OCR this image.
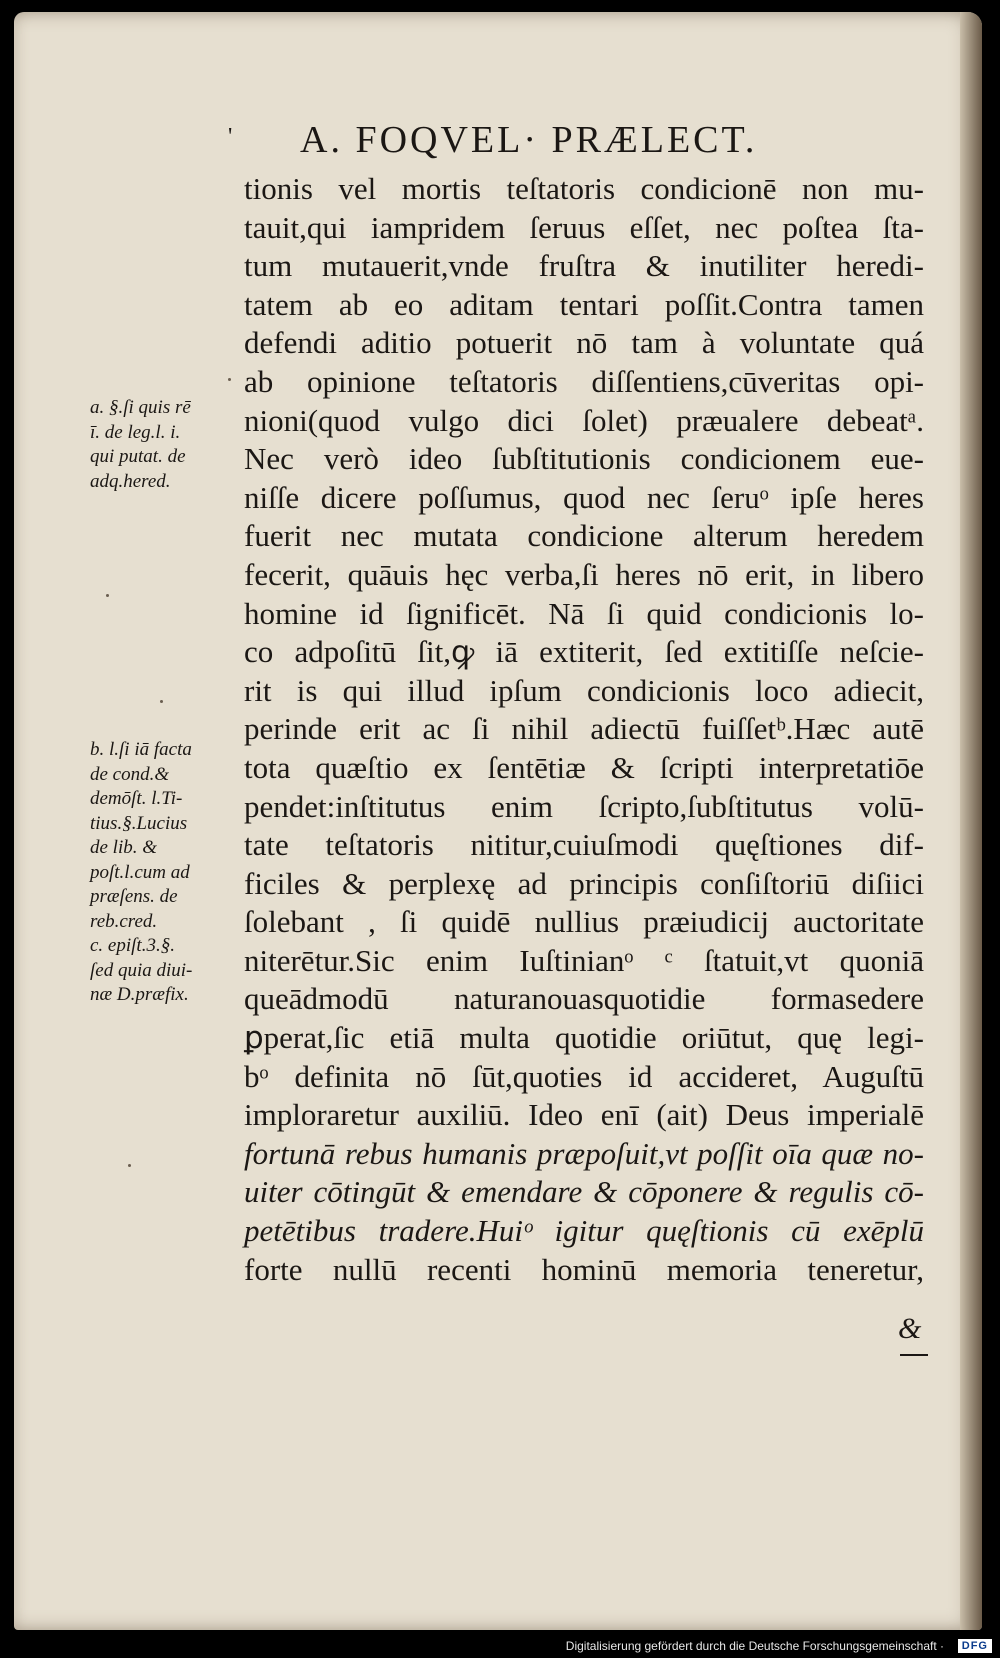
' A. FOQVEL· PRÆLECT.
tionis vel mortis teſtatoris condicionē non mu-
tauit,qui iampridem ſeruus eſſet, nec poſtea ſta-
tum mutauerit,vnde fruſtra & inutiliter heredi-
tatem ab eo aditam tentari poſſit.Contra tamen
defendi aditio potuerit nō tam à voluntate quá
ab opinione teſtatoris diſſentiens,cūveritas opi-
nioni(quod vulgo dici ſolet) præualere debeatᵃ.
Nec verò ideo ſubſtitutionis condicionem eue-
niſſe dicere poſſumus, quod nec ſeruᵒ ipſe heres
fuerit nec mutata condicione alterum heredem
fecerit, quāuis hęc verba,ſi heres nō erit, in libero
homine id ſignificēt. Nā ſi quid condicionis lo-
co adpoſitū ſit,ꝙ iā extiterit, ſed extitiſſe neſcie-
rit is qui illud ipſum condicionis loco adiecit,
perinde erit ac ſi nihil adiectū fuiſſetᵇ.Hæc autē
tota quæſtio ex ſentētiæ & ſcripti interpretatiōe
pendet:inſtitutus enim ſcripto,ſubſtitutus volū-
tate teſtatoris nititur,cuiuſmodi quęſtiones dif-
ficiles & perplexę ad principis conſiſtoriū diſiici
ſolebant , ſi quidē nullius præiudicij auctoritate
niterētur.Sic enim Iuſtinianᵒ ᶜ ſtatuit,vt quoniā
queādmodū naturanouasquotidie formasedere
ꝑperat,ſic etiā multa quotidie oriūtut, quę legi-
bᵒ definita nō ſūt,quoties id accideret, Auguſtū
imploraretur auxiliū. Ideo enī (ait) Deus imperialē
fortunā rebus humanis præpoſuit,vt poſſit oīa quæ no-
uiter cōtingūt & emendare & cōponere & regulis cō-
petētibus tradere.Huiᵒ igitur quęſtionis cū exēplū
forte nullū recenti hominū memoria teneretur,
a. §.ſi quis rē
ī. de leg.l. i.
qui putat. de
adq.hered.
b. l.ſi iā facta
de cond.&
demōſt. l.Ti-
tius.§.Lucius
de lib. &
poſt.l.cum ad
præſens. de
reb.cred.
c. epiſt.3.§.
ſed quia diui-
næ D.præfix.
&
Digitalisierung gefördert durch die Deutsche Forschungsgemeinschaft ·	DFG
